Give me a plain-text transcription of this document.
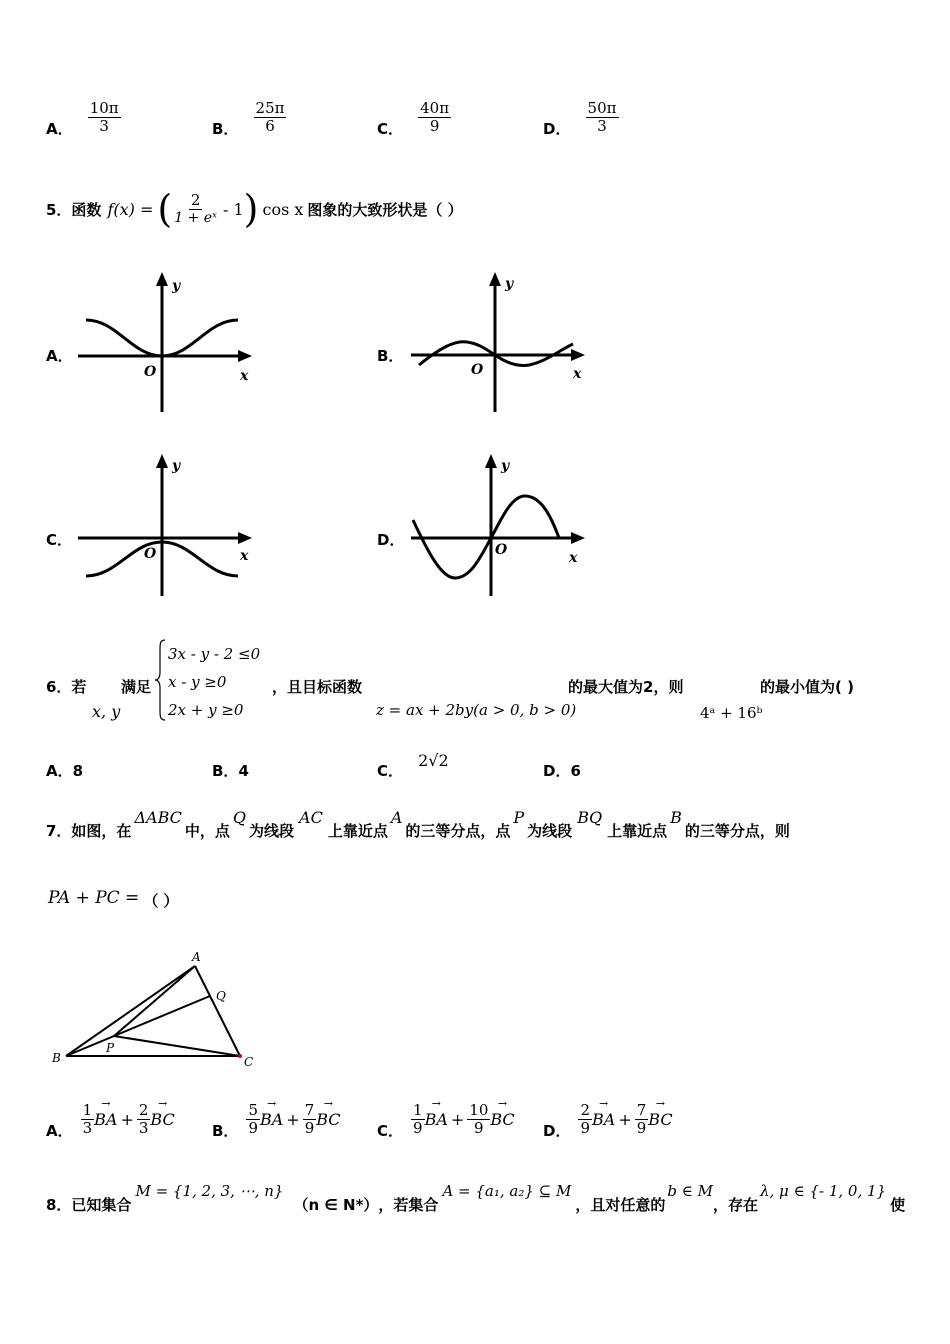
A． $\frac{10\pi}{3}$	B． $\frac{25\pi}{6}$	C． $\frac{40\pi}{9}$	D． $\frac{50\pi}{3}$
5．函数 f(x) = ( $\frac{2}{\text{1 + eˣ}} - 1$ ) cos x 图象的大致形状是（ ）
A．
y
x
O
B．
y
x
O
C．
y
x
O
D．
y
x
O
6．若
x, y
满足
3x - y - 2 ≤0
x - y ≥0
2x + y ≥0
，且目标函数
z = ax + 2by(a > 0, b > 0)
的最大值为2，则
4ᵃ + 16ᵇ
的最小值为( )
A．8	B．4	C． 2√2
D．6
7．如图，在
ΔABC
中，点
Q
为线段
AC
上靠近点
A
的三等分点，点
P
为线段
BQ
上靠近点
B
的三等分点，则
PA + PC = （ ）
A
B	C
P
Q
A． $\frac{1}{3}$ → BA + $\frac{2}{3}$ → BC
B． $\frac{5}{9}$ → BA + $\frac{7}{9}$ → BC
C． $\frac{1}{9}$ → BA + $\frac{10}{9}$ → BC
D． $\frac{2}{9}$ → BA + $\frac{7}{9}$ → BC
8．已知集合
M = {1, 2, 3, ⋯, n}
（n ∈ N*） ，若集合
A = {a₁, a₂} ⊆ M
，且对任意的
b ∈ M
，存在
λ, μ ∈ {- 1, 0, 1}
使
